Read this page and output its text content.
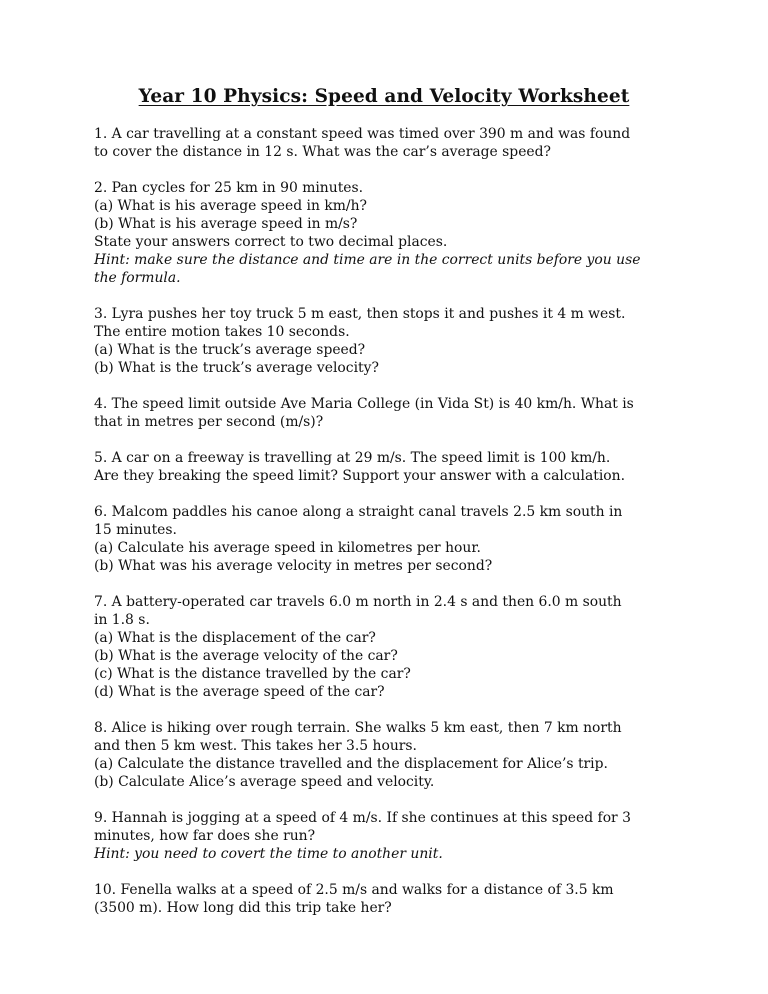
Year 10 Physics: Speed and Velocity Worksheet
1. A car travelling at a constant speed was timed over 390 m and was found
to cover the distance in 12 s. What was the car’s average speed?
2. Pan cycles for 25 km in 90 minutes.
(a) What is his average speed in km/h?
(b) What is his average speed in m/s?
State your answers correct to two decimal places.
Hint: make sure the distance and time are in the correct units before you use
the formula.
3. Lyra pushes her toy truck 5 m east, then stops it and pushes it 4 m west.
The entire motion takes 10 seconds.
(a) What is the truck’s average speed?
(b) What is the truck’s average velocity?
4. The speed limit outside Ave Maria College (in Vida St) is 40 km/h. What is
that in metres per second (m/s)?
5. A car on a freeway is travelling at 29 m/s. The speed limit is 100 km/h.
Are they breaking the speed limit? Support your answer with a calculation.
6. Malcom paddles his canoe along a straight canal travels 2.5 km south in
15 minutes.
(a) Calculate his average speed in kilometres per hour.
(b) What was his average velocity in metres per second?
7. A battery-operated car travels 6.0 m north in 2.4 s and then 6.0 m south
in 1.8 s.
(a) What is the displacement of the car?
(b) What is the average velocity of the car?
(c) What is the distance travelled by the car?
(d) What is the average speed of the car?
8. Alice is hiking over rough terrain. She walks 5 km east, then 7 km north
and then 5 km west. This takes her 3.5 hours.
(a) Calculate the distance travelled and the displacement for Alice’s trip.
(b) Calculate Alice’s average speed and velocity.
9. Hannah is jogging at a speed of 4 m/s. If she continues at this speed for 3
minutes, how far does she run?
Hint: you need to covert the time to another unit.
10. Fenella walks at a speed of 2.5 m/s and walks for a distance of 3.5 km
(3500 m). How long did this trip take her?
